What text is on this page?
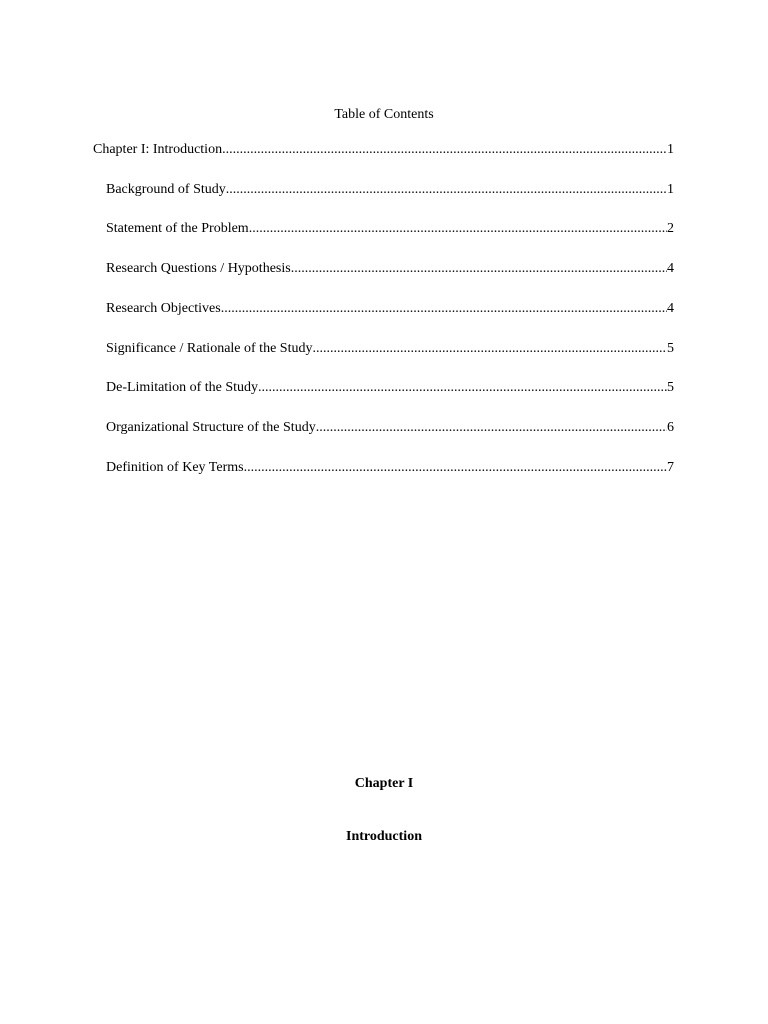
Table of Contents
Chapter I: Introduction .....	1
Background of Study .....	1
Statement of the Problem .....	2
Research Questions / Hypothesis .....	4
Research Objectives .....	4
Significance / Rationale of the Study .....	5
De-Limitation of the Study .....	5
Organizational Structure of the Study .....	6
Definition of Key Terms .....	7
Chapter I
Introduction
